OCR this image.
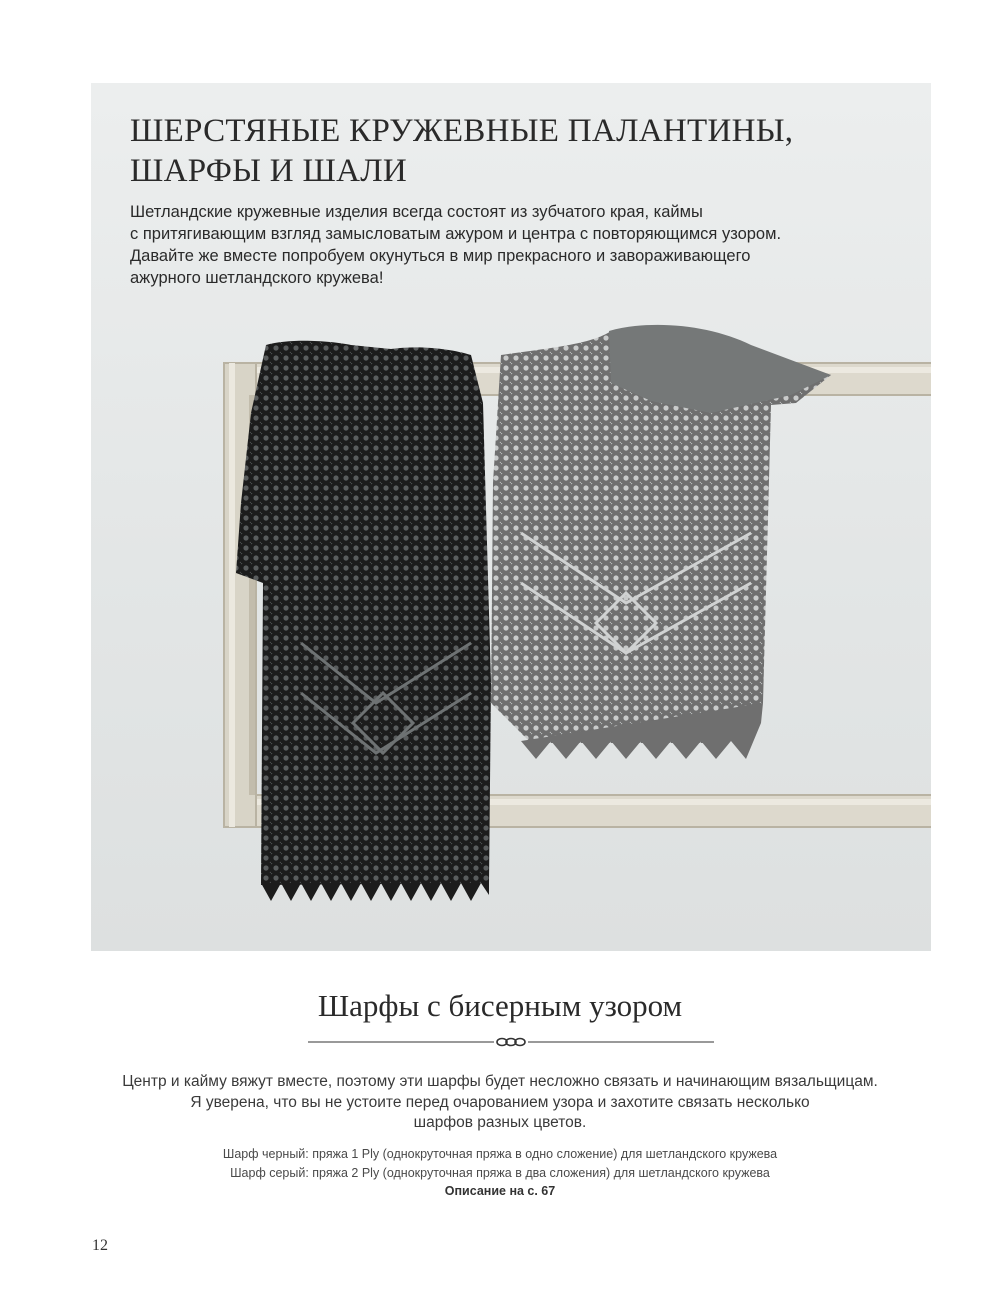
ШЕРСТЯНЫЕ КРУЖЕВНЫЕ ПАЛАНТИНЫ,
ШАРФЫ И ШАЛИ

Шетландские кружевные изделия всегда состоят из зубчатого края, каймы
с притягивающим взгляд замысловатым ажуром и центра с повторяющимся узором.
Давайте же вместе попробуем окунуться в мир прекрасного и завораживающего
ажурного шетландского кружева!

Шарфы с бисерным узором
Центр и кайму вяжут вместе, поэтому эти шарфы будет несложно связать и начинающим вязальщицам.
Я уверена, что вы не устоите перед очарованием узора и захотите связать несколько
шарфов разных цветов.
Шарф черный: пряжа 1 Ply (однокруточная пряжа в одно сложение) для шетландского кружева
Шарф серый: пряжа 2 Ply (однокруточная пряжа в два сложения) для шетландского кружева
Описание на с. 67
12
